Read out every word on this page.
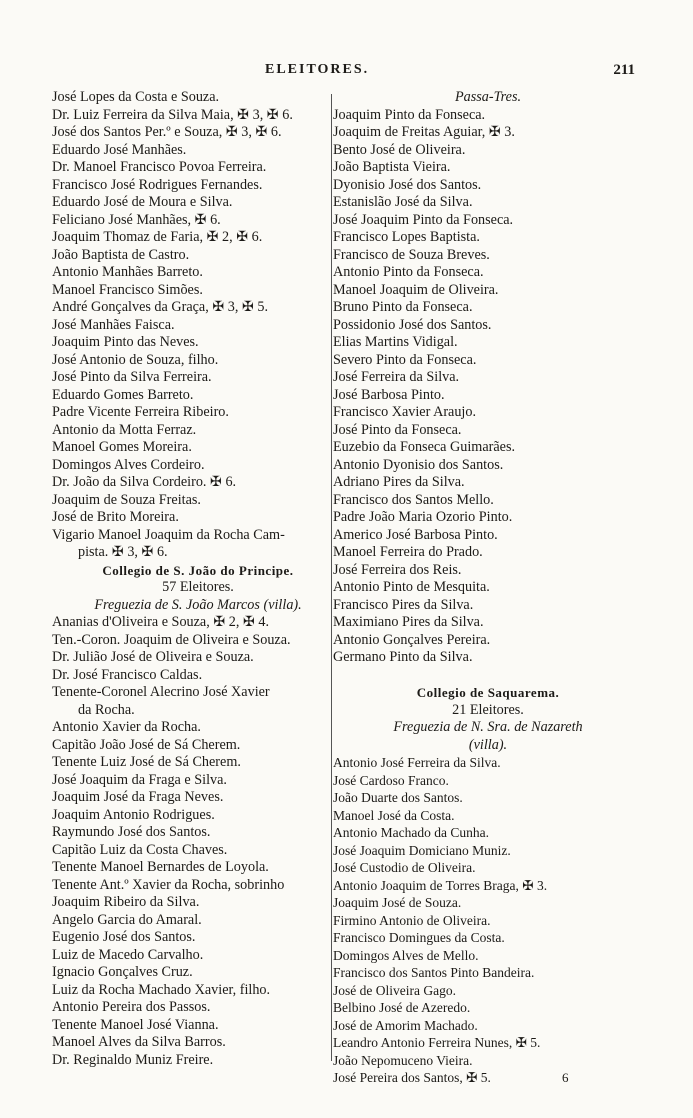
ELEITORES.	211
José Lopes da Costa e Souza.
Dr. Luiz Ferreira da Silva Maia, ✠ 3, ✠ 6.
José dos Santos Per.º e Souza, ✠ 3, ✠ 6.
Eduardo José Manhães.
Dr. Manoel Francisco Povoa Ferreira.
Francisco José Rodrigues Fernandes.
Eduardo José de Moura e Silva.
Feliciano José Manhães, ✠ 6.
Joaquim Thomaz de Faria, ✠ 2, ✠ 6.
João Baptista de Castro.
Antonio Manhães Barreto.
Manoel Francisco Simões.
André Gonçalves da Graça, ✠ 3, ✠ 5.
José Manhães Faisca.
Joaquim Pinto das Neves.
José Antonio de Souza, filho.
José Pinto da Silva Ferreira.
Eduardo Gomes Barreto.
Padre Vicente Ferreira Ribeiro.
Antonio da Motta Ferraz.
Manoel Gomes Moreira.
Domingos Alves Cordeiro.
Dr. João da Silva Cordeiro. ✠ 6.
Joaquim de Souza Freitas.
José de Brito Moreira.
Vigario Manoel Joaquim da Rocha Cam-
pista. ✠ 3, ✠ 6.
Collegio de S. João do Principe.
57 Eleitores.
Freguezia de S. João Marcos (villa).
Ananias d'Oliveira e Souza, ✠ 2, ✠ 4.
Ten.-Coron. Joaquim de Oliveira e Souza.
Dr. Julião José de Oliveira e Souza.
Dr. José Francisco Caldas.
Tenente-Coronel Alecrino José Xavier
da Rocha.
Antonio Xavier da Rocha.
Capitão João José de Sá Cherem.
Tenente Luiz José de Sá Cherem.
José Joaquim da Fraga e Silva.
Joaquim José da Fraga Neves.
Joaquim Antonio Rodrigues.
Raymundo José dos Santos.
Capitão Luiz da Costa Chaves.
Tenente Manoel Bernardes de Loyola.
Tenente Ant.º Xavier da Rocha, sobrinho
Joaquim Ribeiro da Silva.
Angelo Garcia do Amaral.
Eugenio José dos Santos.
Luiz de Macedo Carvalho.
Ignacio Gonçalves Cruz.
Luiz da Rocha Machado Xavier, filho.
Antonio Pereira dos Passos.
Tenente Manoel José Vianna.
Manoel Alves da Silva Barros.
Dr. Reginaldo Muniz Freire.
Passa-Tres.
Joaquim Pinto da Fonseca.
Joaquim de Freitas Aguiar, ✠ 3.
Bento José de Oliveira.
João Baptista Vieira.
Dyonisio José dos Santos.
Estanislão José da Silva.
José Joaquim Pinto da Fonseca.
Francisco Lopes Baptista.
Francisco de Souza Breves.
Antonio Pinto da Fonseca.
Manoel Joaquim de Oliveira.
Bruno Pinto da Fonseca.
Possidonio José dos Santos.
Elias Martins Vidigal.
Severo Pinto da Fonseca.
José Ferreira da Silva.
José Barbosa Pinto.
Francisco Xavier Araujo.
José Pinto da Fonseca.
Euzebio da Fonseca Guimarães.
Antonio Dyonisio dos Santos.
Adriano Pires da Silva.
Francisco dos Santos Mello.
Padre João Maria Ozorio Pinto.
Americo José Barbosa Pinto.
Manoel Ferreira do Prado.
José Ferreira dos Reis.
Antonio Pinto de Mesquita.
Francisco Pires da Silva.
Maximiano Pires da Silva.
Antonio Gonçalves Pereira.
Germano Pinto da Silva.

Collegio de Saquarema.
21 Eleitores.
Freguezia de N. Sra. de Nazareth
(villa).
Antonio José Ferreira da Silva.
José Cardoso Franco.
João Duarte dos Santos.
Manoel José da Costa.
Antonio Machado da Cunha.
José Joaquim Domiciano Muniz.
José Custodio de Oliveira.
Antonio Joaquim de Torres Braga, ✠ 3.
Joaquim José de Souza.
Firmino Antonio de Oliveira.
Francisco Domingues da Costa.
Domingos Alves de Mello.
Francisco dos Santos Pinto Bandeira.
José de Oliveira Gago.
Belbino José de Azeredo.
José de Amorim Machado.
Leandro Antonio Ferreira Nunes, ✠ 5.
João Nepomuceno Vieira.
José Pereira dos Santos, ✠ 5.	6
